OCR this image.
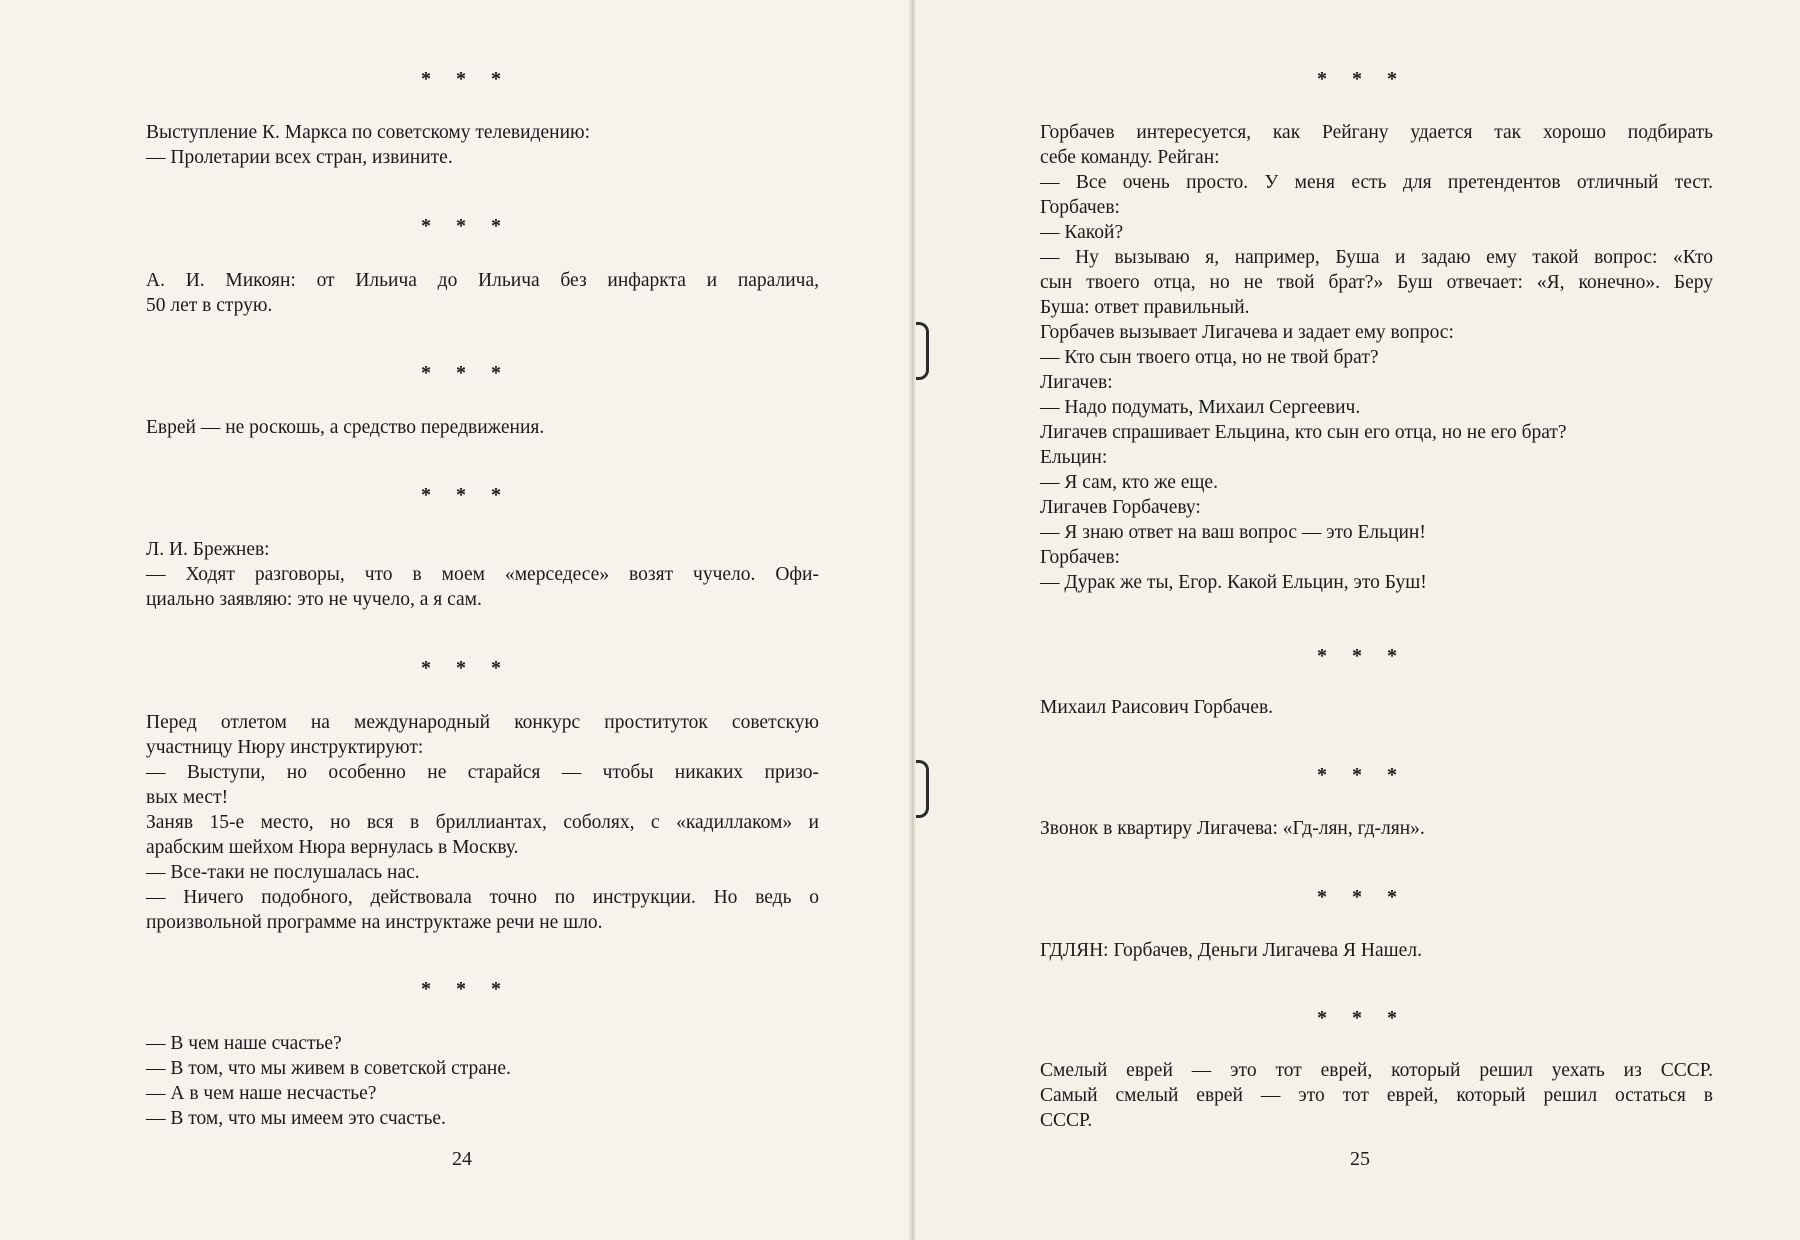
* * *
Выступление К. Маркса по советскому телевидению:
— Пролетарии всех стран, извините.
* * *
А. И. Микоян: от Ильича до Ильича без инфаркта и паралича,
50 лет в струю.
* * *
Еврей — не роскошь, а средство передвижения.
* * *
Л. И. Брежнев:
— Ходят разговоры, что в моем «мерседесе» возят чучело. Офи-
циально заявляю: это не чучело, а я сам.
* * *
Перед отлетом на международный конкурс проституток советскую
участницу Нюру инструктируют:
— Выступи, но особенно не старайся — чтобы никаких призо-
вых мест!
Заняв 15-е место, но вся в бриллиантах, соболях, с «кадиллаком» и
арабским шейхом Нюра вернулась в Москву.
— Все-таки не послушалась нас.
— Ничего подобного, действовала точно по инструкции. Но ведь о
произвольной программе на инструктаже речи не шло.
* * *
— В чем наше счастье?
— В том, что мы живем в советской стране.
— А в чем наше несчастье?
— В том, что мы имеем это счастье.
24
* * *
Горбачев интересуется, как Рейгану удается так хорошо подбирать
себе команду. Рейган:
— Все очень просто. У меня есть для претендентов отличный тест.
Горбачев:
— Какой?
— Ну вызываю я, например, Буша и задаю ему такой вопрос: «Кто
сын твоего отца, но не твой брат?» Буш отвечает: «Я, конечно». Беру
Буша: ответ правильный.
Горбачев вызывает Лигачева и задает ему вопрос:
— Кто сын твоего отца, но не твой брат?
Лигачев:
— Надо подумать, Михаил Сергеевич.
Лигачев спрашивает Ельцина, кто сын его отца, но не его брат?
Ельцин:
— Я сам, кто же еще.
Лигачев Горбачеву:
— Я знаю ответ на ваш вопрос — это Ельцин!
Горбачев:
— Дурак же ты, Егор. Какой Ельцин, это Буш!
* * *
Михаил Раисович Горбачев.
* * *
Звонок в квартиру Лигачева: «Гд-лян, гд-лян».
* * *
ГДЛЯН: Горбачев, Деньги Лигачева Я Нашел.
* * *
Смелый еврей — это тот еврей, который решил уехать из СССР.
Самый смелый еврей — это тот еврей, который решил остаться в
СССР.
25
